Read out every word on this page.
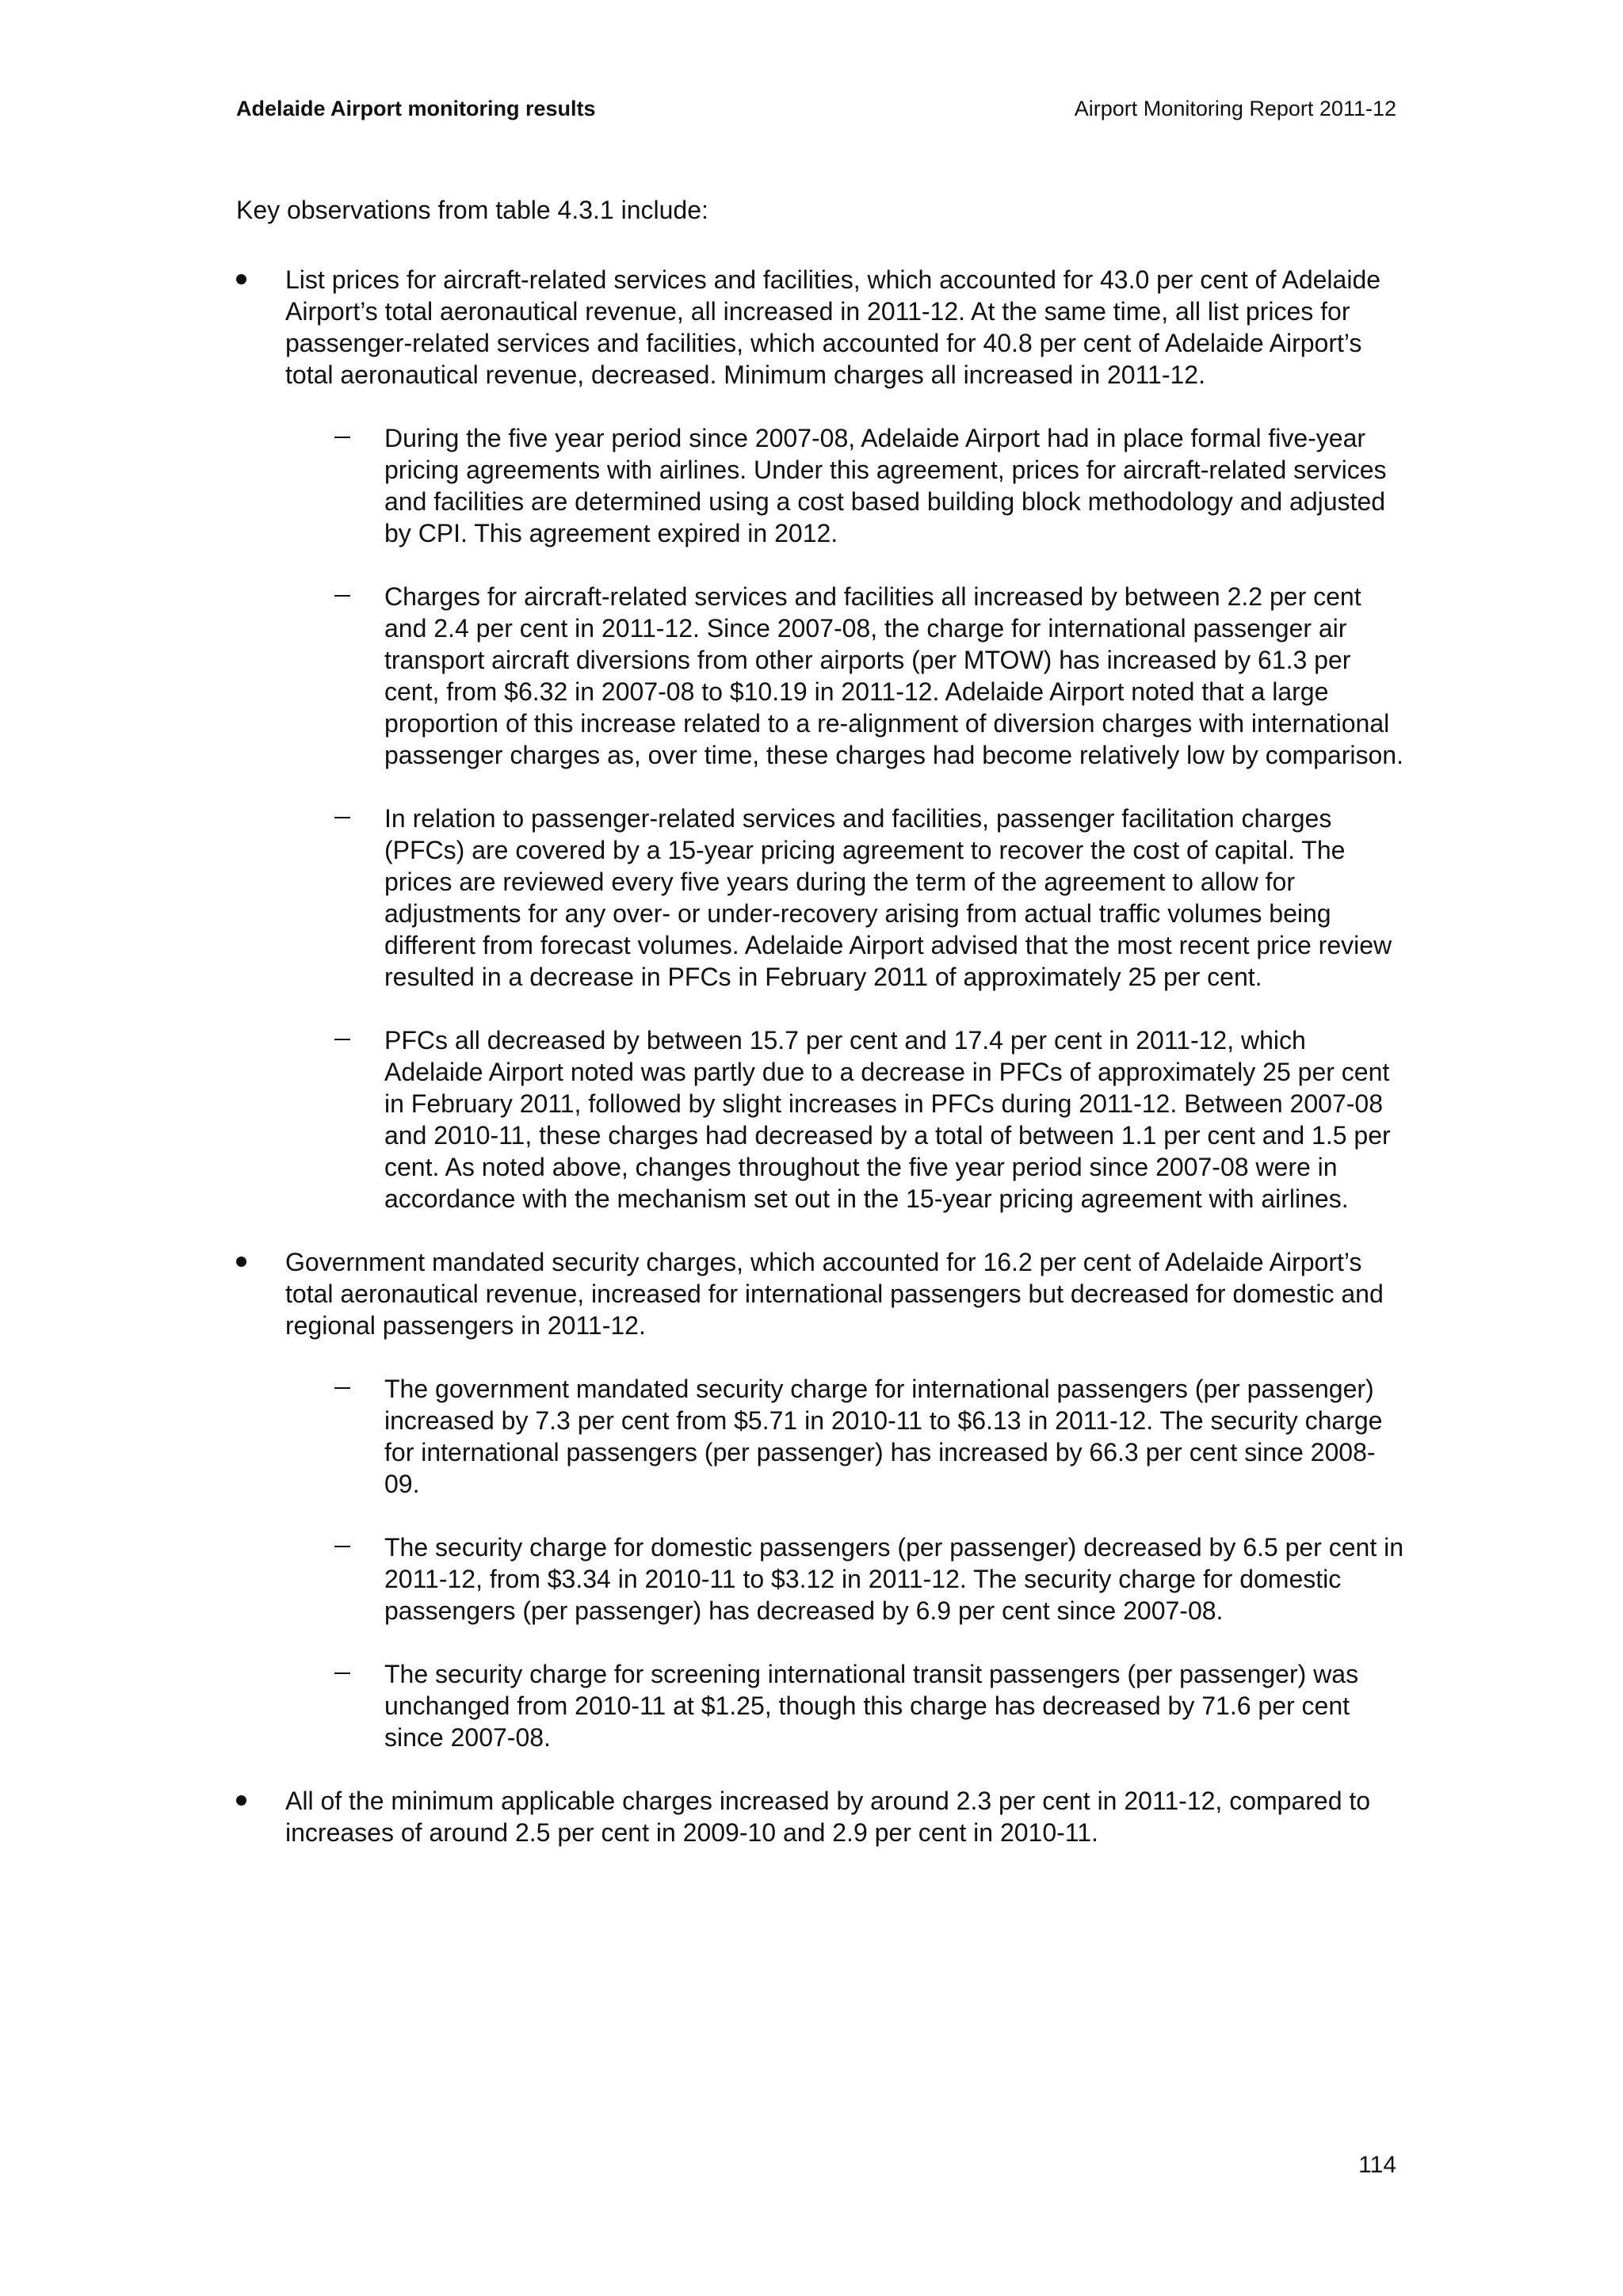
Adelaide Airport monitoring results	Airport Monitoring Report 2011-12

Key observations from table 4.3.1 include:

List prices for aircraft-related services and facilities, which accounted for 43.0 per cent of Adelaide Airport’s total aeronautical revenue, all increased in 2011-12. At the same time, all list prices for passenger-related services and facilities, which accounted for 40.8 per cent of Adelaide Airport’s total aeronautical revenue, decreased. Minimum charges all increased in 2011-12.

During the five year period since 2007-08, Adelaide Airport had in place formal five-year pricing agreements with airlines. Under this agreement, prices for aircraft-related services and facilities are determined using a cost based building block methodology and adjusted by CPI. This agreement expired in 2012.

Charges for aircraft-related services and facilities all increased by between 2.2 per cent and 2.4 per cent in 2011-12. Since 2007-08, the charge for international passenger air transport aircraft diversions from other airports (per MTOW) has increased by 61.3 per cent, from $6.32 in 2007-08 to $10.19 in 2011-12. Adelaide Airport noted that a large proportion of this increase related to a re-alignment of diversion charges with international passenger charges as, over time, these charges had become relatively low by comparison.

In relation to passenger-related services and facilities, passenger facilitation charges (PFCs) are covered by a 15-year pricing agreement to recover the cost of capital. The prices are reviewed every five years during the term of the agreement to allow for adjustments for any over- or under-recovery arising from actual traffic volumes being different from forecast volumes. Adelaide Airport advised that the most recent price review resulted in a decrease in PFCs in February 2011 of approximately 25 per cent.

PFCs all decreased by between 15.7 per cent and 17.4 per cent in 2011-12, which Adelaide Airport noted was partly due to a decrease in PFCs of approximately 25 per cent in February 2011, followed by slight increases in PFCs during 2011-12. Between 2007-08 and 2010-11, these charges had decreased by a total of between 1.1 per cent and 1.5 per cent. As noted above, changes throughout the five year period since 2007-08 were in accordance with the mechanism set out in the 15-year pricing agreement with airlines.

Government mandated security charges, which accounted for 16.2 per cent of Adelaide Airport’s total aeronautical revenue, increased for international passengers but decreased for domestic and regional passengers in 2011-12.

The government mandated security charge for international passengers (per passenger) increased by 7.3 per cent from $5.71 in 2010-11 to $6.13 in 2011-12. The security charge for international passengers (per passenger) has increased by 66.3 per cent since 2008-09.

The security charge for domestic passengers (per passenger) decreased by 6.5 per cent in 2011-12, from $3.34 in 2010-11 to $3.12 in 2011-12. The security charge for domestic passengers (per passenger) has decreased by 6.9 per cent since 2007-08.

The security charge for screening international transit passengers (per passenger) was unchanged from 2010-11 at $1.25, though this charge has decreased by 71.6 per cent since 2007-08.

All of the minimum applicable charges increased by around 2.3 per cent in 2011-12, compared to increases of around 2.5 per cent in 2009-10 and 2.9 per cent in 2010-11.

114
